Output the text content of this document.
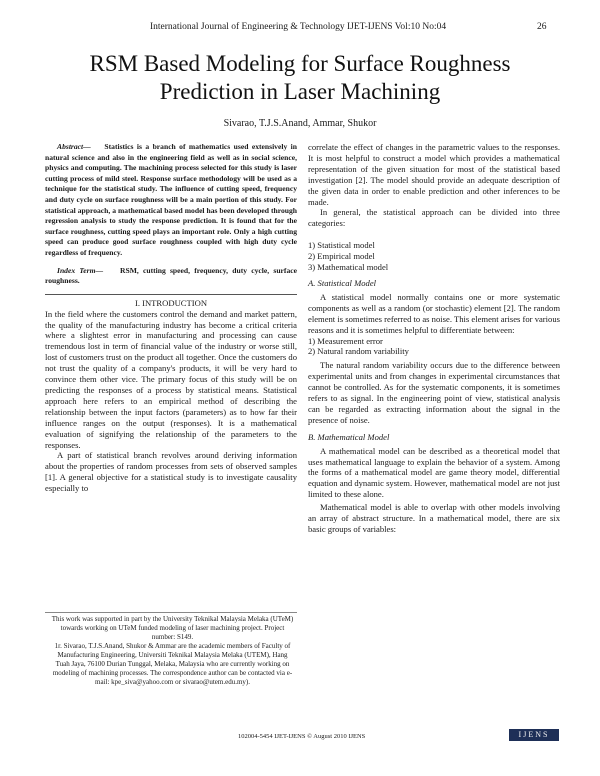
International Journal of Engineering & Technology IJET-IJENS Vol:10 No:04	26
RSM Based Modeling for Surface Roughness
Prediction in Laser Machining
Sivarao, T.J.S.Anand, Ammar, Shukor

Abstract— Statistics is a branch of mathematics used extensively in natural science and also in the engineering field as well as in social science, physics and computing. The machining process selected for this study is laser cutting process of mild steel. Response surface methodology will be used as a technique for the statistical study. The influence of cutting speed, frequency and duty cycle on surface roughness will be a main portion of this study. For statistical approach, a mathematical based model has been developed through regression analysis to study the response prediction. It is found that for the surface roughness, cutting speed plays an important role. Only a high cutting speed can produce good surface roughness coupled with high duty cycle regardless of frequency.

Index Term— RSM, cutting speed, frequency, duty cycle, surface roughness.

I. INTRODUCTION

In the field where the customers control the demand and market pattern, the quality of the manufacturing industry has become a critical criteria where a slightest error in manufacturing and processing can cause tremendous lost in term of financial value of the industry or worse still, lost of customers trust on the product all together. Once the customers do not trust the quality of a company's products, it will be very hard to convince them other vice. The primary focus of this study will be on predicting the responses of a process by statistical means. Statistical approach here refers to an empirical method of describing the relationship between the input factors (parameters) as to how far their influence ranges on the output (responses). It is a mathematical evaluation of signifying the relationship of the parameters to the responses.

A part of statistical branch revolves around deriving information about the properties of random processes from sets of observed samples [1]. A general objective for a statistical study is to investigate causality especially to

This work was supported in part by the University Teknikal Malaysia Melaka (UTeM) towards working on UTeM funded modeling of laser machining project. Project number: S149.
1r. Sivarao, T.J.S.Anand, Shukor & Ammar are the academic members of Faculty of Manufacturing Engineering, Universiti Teknikal Malaysia Melaka (UTEM), Hang Tuah Jaya, 76100 Durian Tunggal, Melaka, Malaysia who are currently working on modeling of machining processes. The correspondence author can be contacted via e-mail: kpe_siva@yahoo.com or sivarao@utem.edu.my).

correlate the effect of changes in the parametric values to the responses. It is most helpful to construct a model which provides a mathematical representation of the given situation for most of the statistical based investigation [2]. The model should provide an adequate description of the given data in order to enable prediction and other inferences to be made.

In general, the statistical approach can be divided into three categories:

1) Statistical model
2) Empirical model
3) Mathematical model

A. Statistical Model

A statistical model normally contains one or more systematic components as well as a random (or stochastic) element [2]. The random element is sometimes referred to as noise. This element arises for various reasons and it is sometimes helpful to differentiate between:

1) Measurement error
2) Natural random variability

The natural random variability occurs due to the difference between experimental units and from changes in experimental circumstances that cannot be controlled. As for the systematic components, it is sometimes refers to as signal. In the engineering point of view, statistical analysis can be regarded as extracting information about the signal in the presence of noise.

B. Mathematical Model

A mathematical model can be described as a theoretical model that uses mathematical language to explain the behavior of a system. Among the forms of a mathematical model are game theory model, differential equation and dynamic system. However, mathematical model are not just limited to these alone.

Mathematical model is able to overlap with other models involving an array of abstract structure. In a mathematical model, there are six basic groups of variables:

102004-5454 IJET-IJENS © August 2010 IJENS	IJENS
